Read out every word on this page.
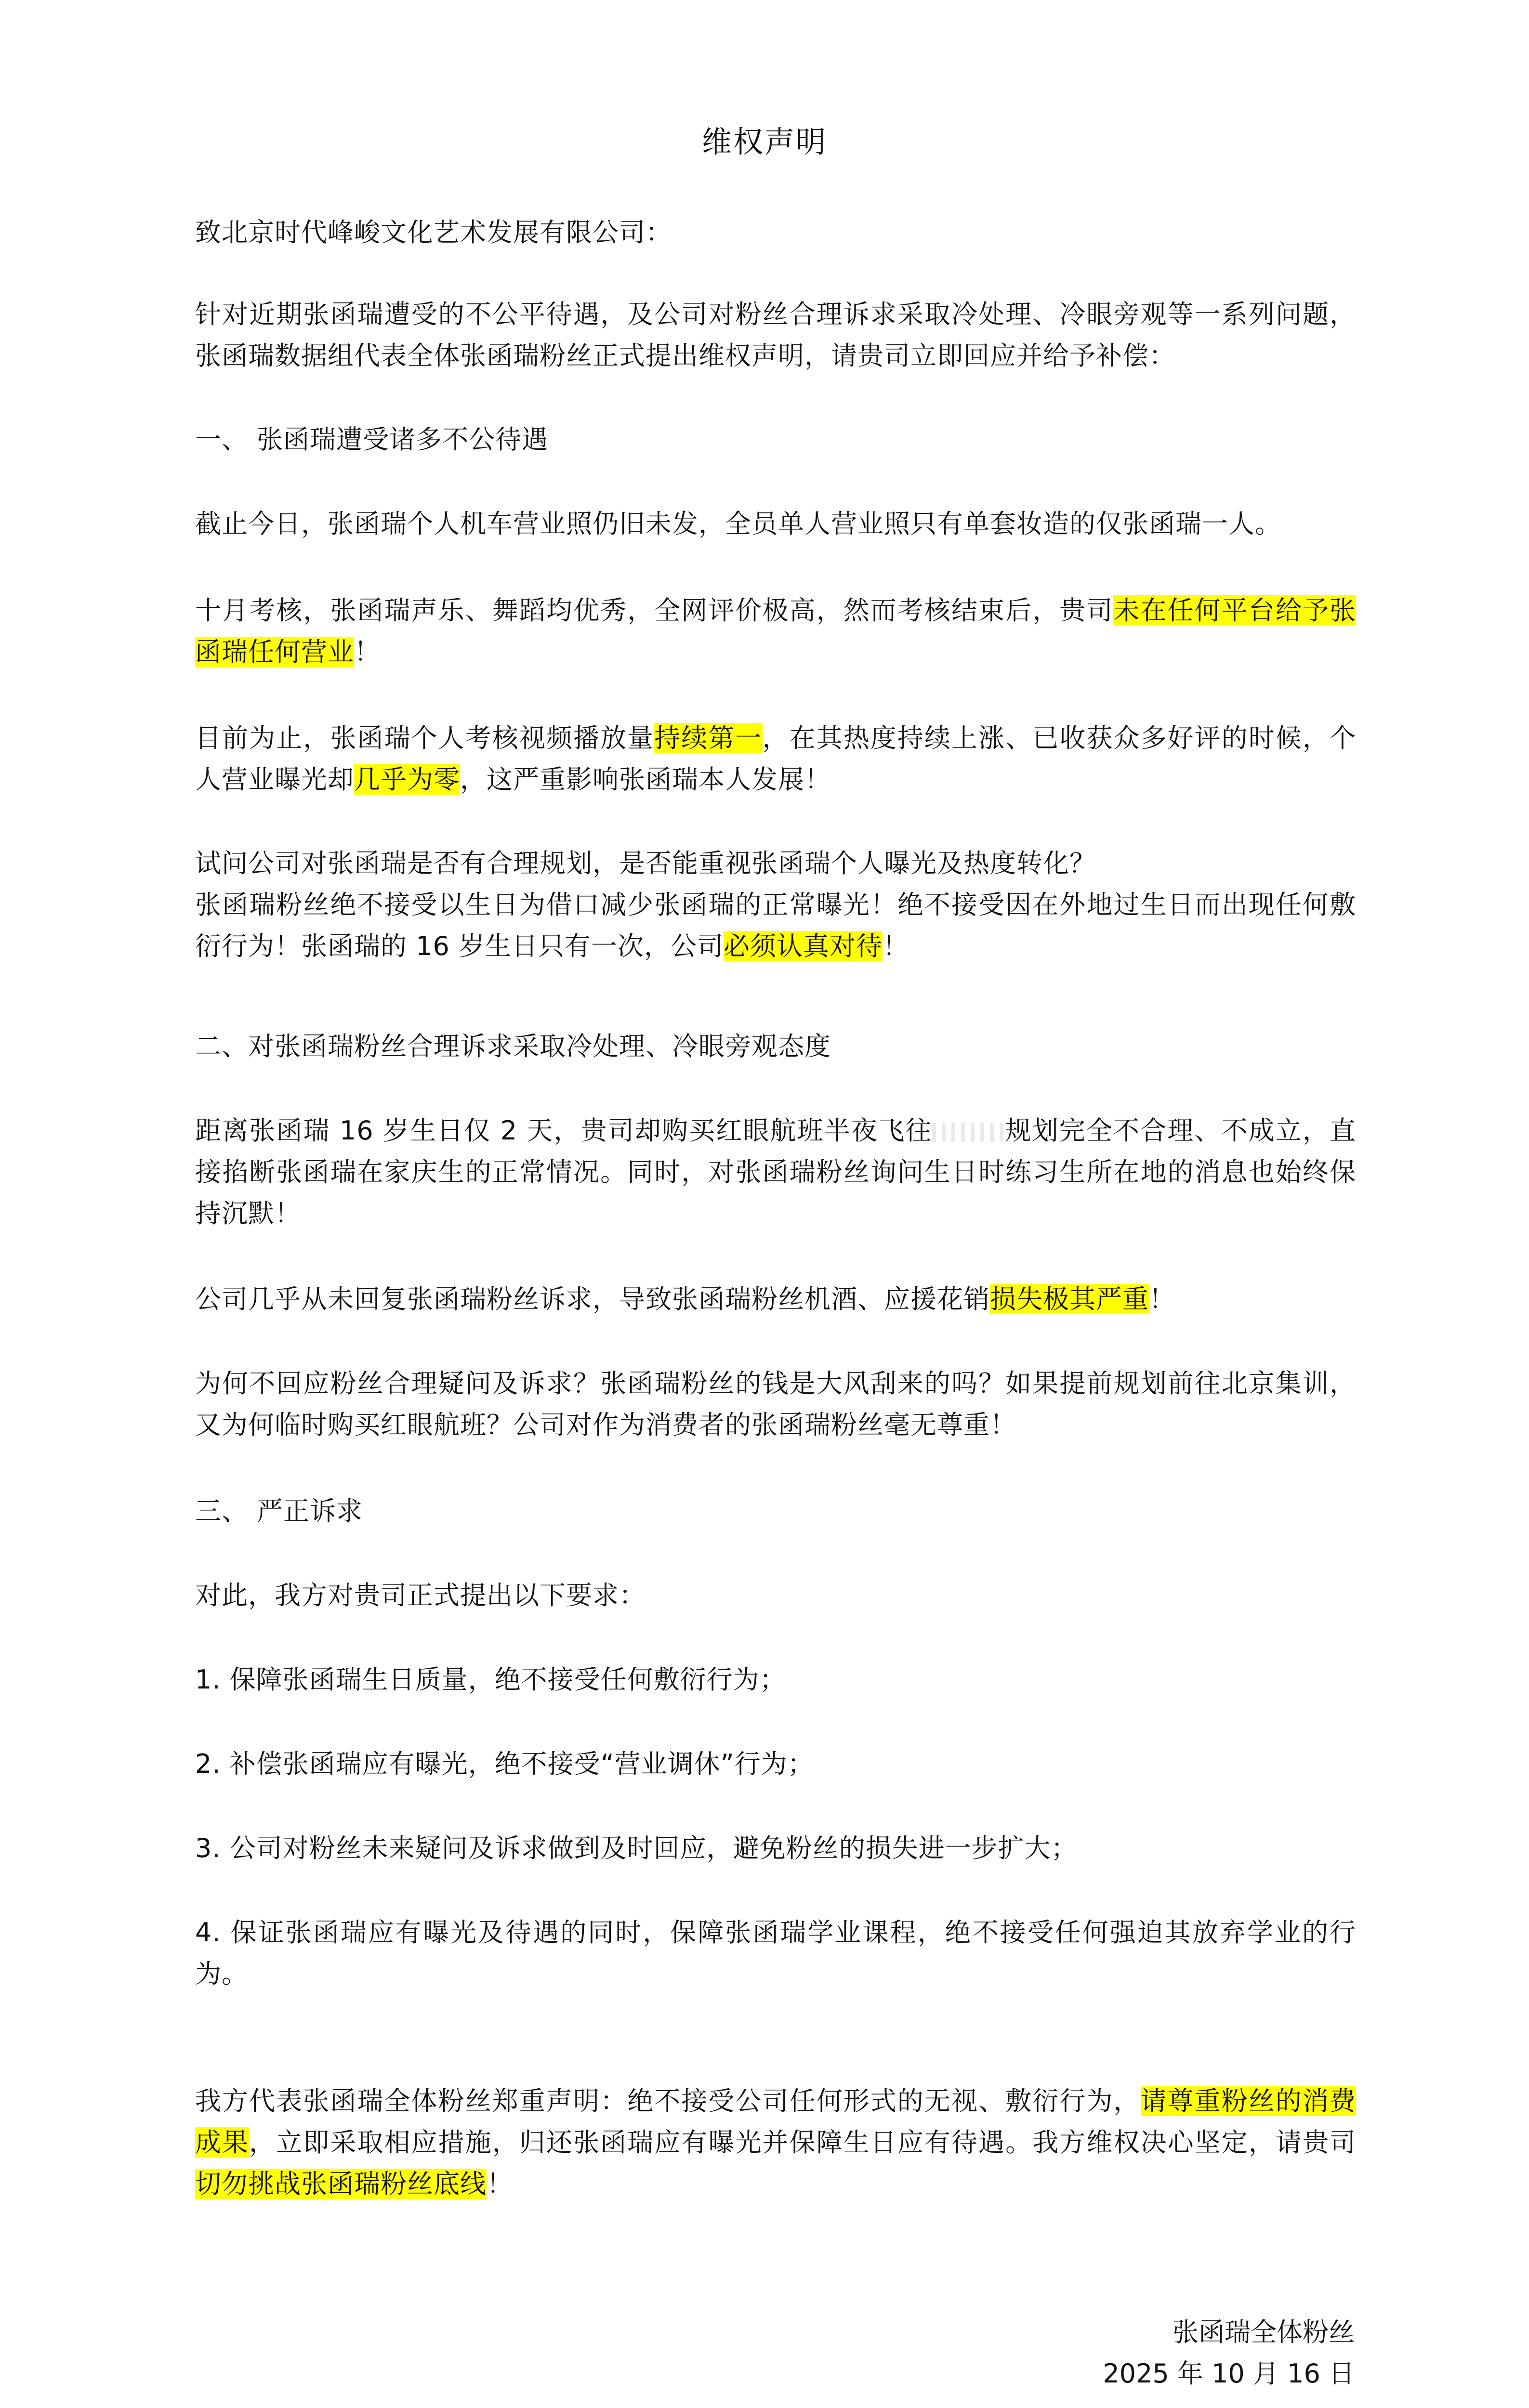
维权声明
致北京时代峰峻文化艺术发展有限公司：
针对近期张函瑞遭受的不公平待遇，及公司对粉丝合理诉求采取冷处理、冷眼旁观等一系列问题，张函瑞数据组代表全体张函瑞粉丝正式提出维权声明，请贵司立即回应并给予补偿：
一、 张函瑞遭受诸多不公待遇
截止今日，张函瑞个人机车营业照仍旧未发，全员单人营业照只有单套妆造的仅张函瑞一人。
十月考核，张函瑞声乐、舞蹈均优秀，全网评价极高，然而考核结束后，贵司未在任何平台给予张函瑞任何营业！
目前为止，张函瑞个人考核视频播放量持续第一，在其热度持续上涨、已收获众多好评的时候，个人营业曝光却几乎为零，这严重影响张函瑞本人发展！
试问公司对张函瑞是否有合理规划，是否能重视张函瑞个人曝光及热度转化？
张函瑞粉丝绝不接受以生日为借口减少张函瑞的正常曝光！绝不接受因在外地过生日而出现任何敷衍行为！张函瑞的 16 岁生日只有一次，公司必须认真对待！
二、对张函瑞粉丝合理诉求采取冷处理、冷眼旁观态度
距离张函瑞 16 岁生日仅 2 天，贵司却购买红眼航班半夜飞往	规划完全不合理、不成立，直接掐断张函瑞在家庆生的正常情况。同时，对张函瑞粉丝询问生日时练习生所在地的消息也始终保持沉默！
公司几乎从未回复张函瑞粉丝诉求，导致张函瑞粉丝机酒、应援花销损失极其严重！
为何不回应粉丝合理疑问及诉求？张函瑞粉丝的钱是大风刮来的吗？如果提前规划前往北京集训，又为何临时购买红眼航班？公司对作为消费者的张函瑞粉丝毫无尊重！
三、 严正诉求
对此，我方对贵司正式提出以下要求：
1. 保障张函瑞生日质量，绝不接受任何敷衍行为；
2. 补偿张函瑞应有曝光，绝不接受“营业调休”行为；
3. 公司对粉丝未来疑问及诉求做到及时回应，避免粉丝的损失进一步扩大；
4. 保证张函瑞应有曝光及待遇的同时，保障张函瑞学业课程，绝不接受任何强迫其放弃学业的行为。
我方代表张函瑞全体粉丝郑重声明：绝不接受公司任何形式的无视、敷衍行为，请尊重粉丝的消费成果，立即采取相应措施，归还张函瑞应有曝光并保障生日应有待遇。我方维权决心坚定，请贵司切勿挑战张函瑞粉丝底线！
张函瑞全体粉丝
2025 年 10 月 16 日
